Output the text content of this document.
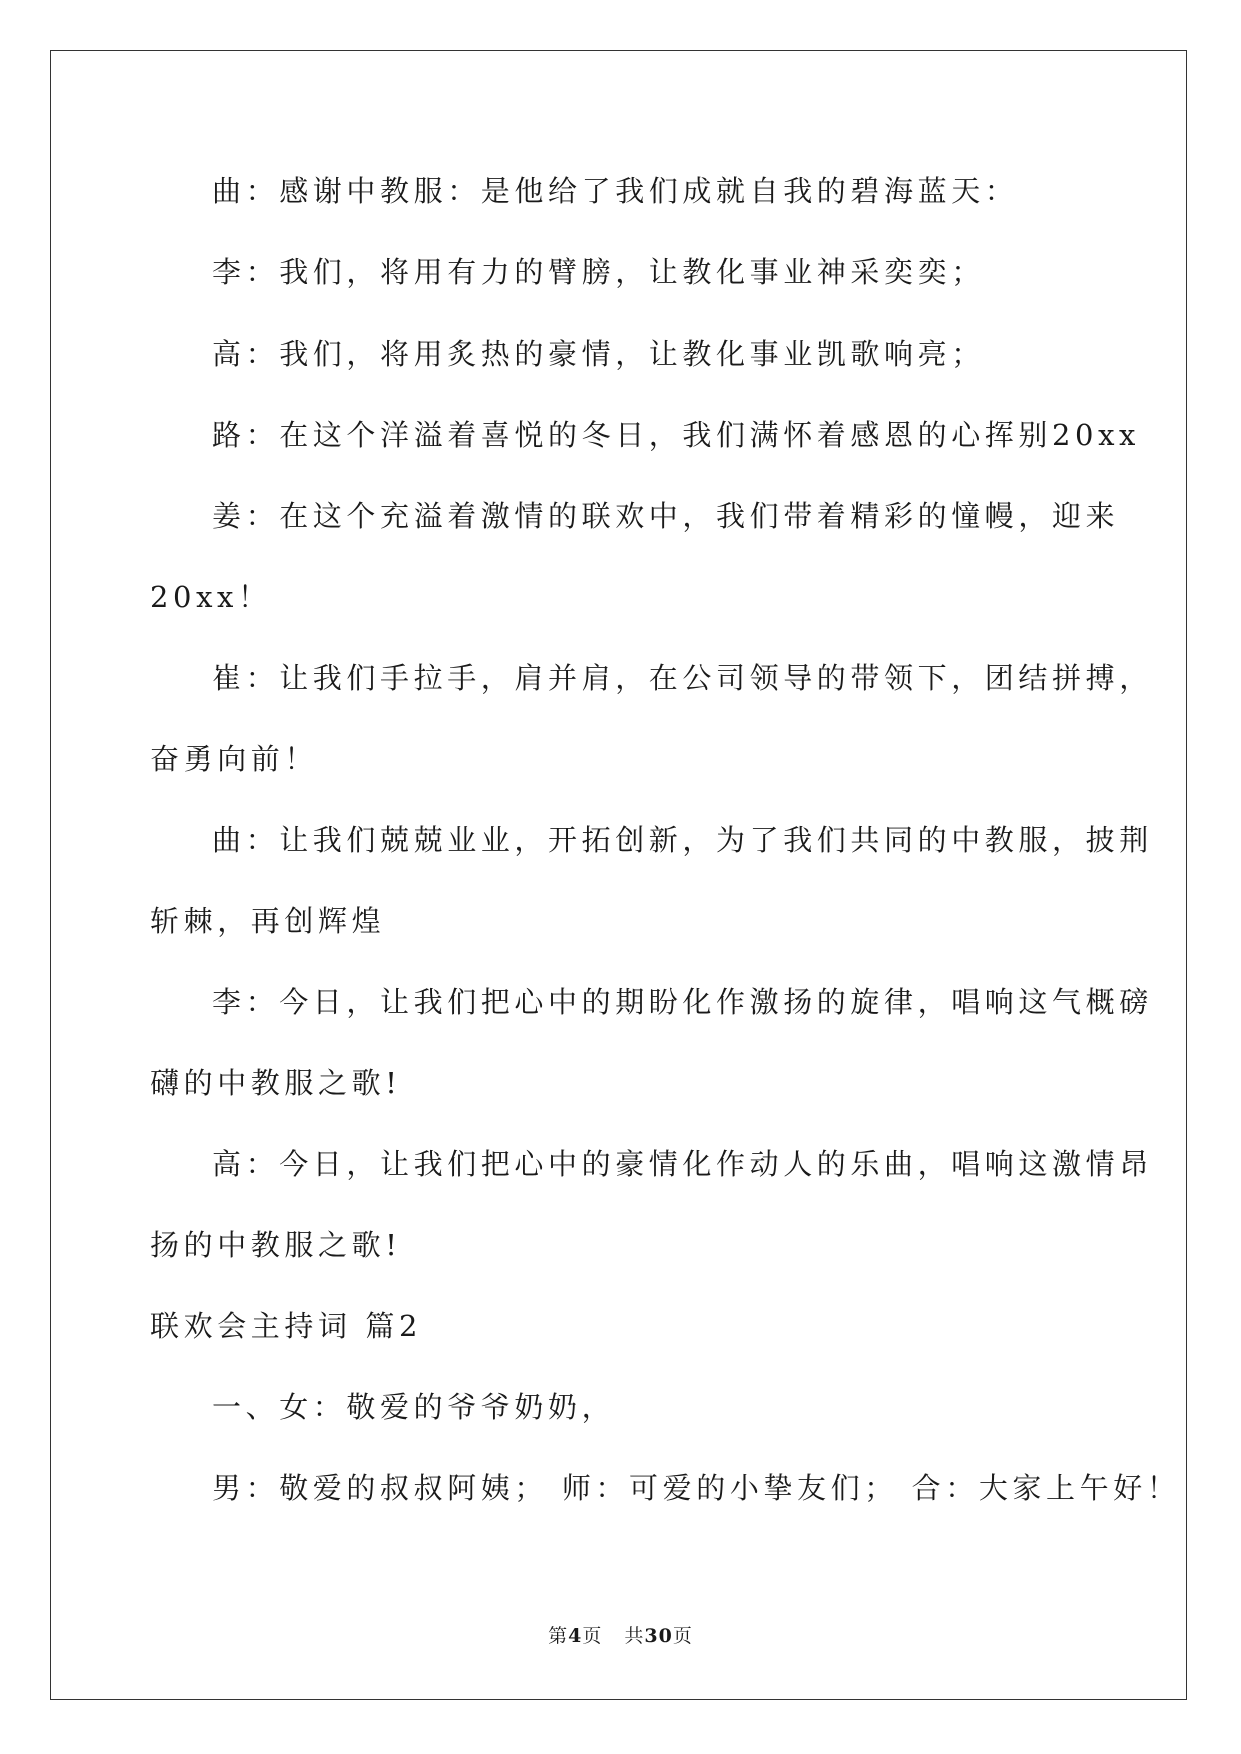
曲：感谢中教服：是他给了我们成就自我的碧海蓝天：
李：我们，将用有力的臂膀，让教化事业神采奕奕；
高：我们，将用炙热的豪情，让教化事业凯歌响亮；
路：在这个洋溢着喜悦的冬日，我们满怀着感恩的心挥别20xx
姜：在这个充溢着激情的联欢中，我们带着精彩的憧幔，迎来
20xx！
崔：让我们手拉手，肩并肩，在公司领导的带领下，团结拼搏，
奋勇向前！
曲：让我们兢兢业业，开拓创新，为了我们共同的中教服，披荆
斩棘，再创辉煌
李：今日，让我们把心中的期盼化作激扬的旋律，唱响这气概磅
礴的中教服之歌!
高：今日，让我们把心中的豪情化作动人的乐曲，唱响这激情昂
扬的中教服之歌!
联欢会主持词 篇2
一、女：敬爱的爷爷奶奶，
男：敬爱的叔叔阿姨； 师：可爱的小挚友们； 合：大家上午好！
第4页 共30页
